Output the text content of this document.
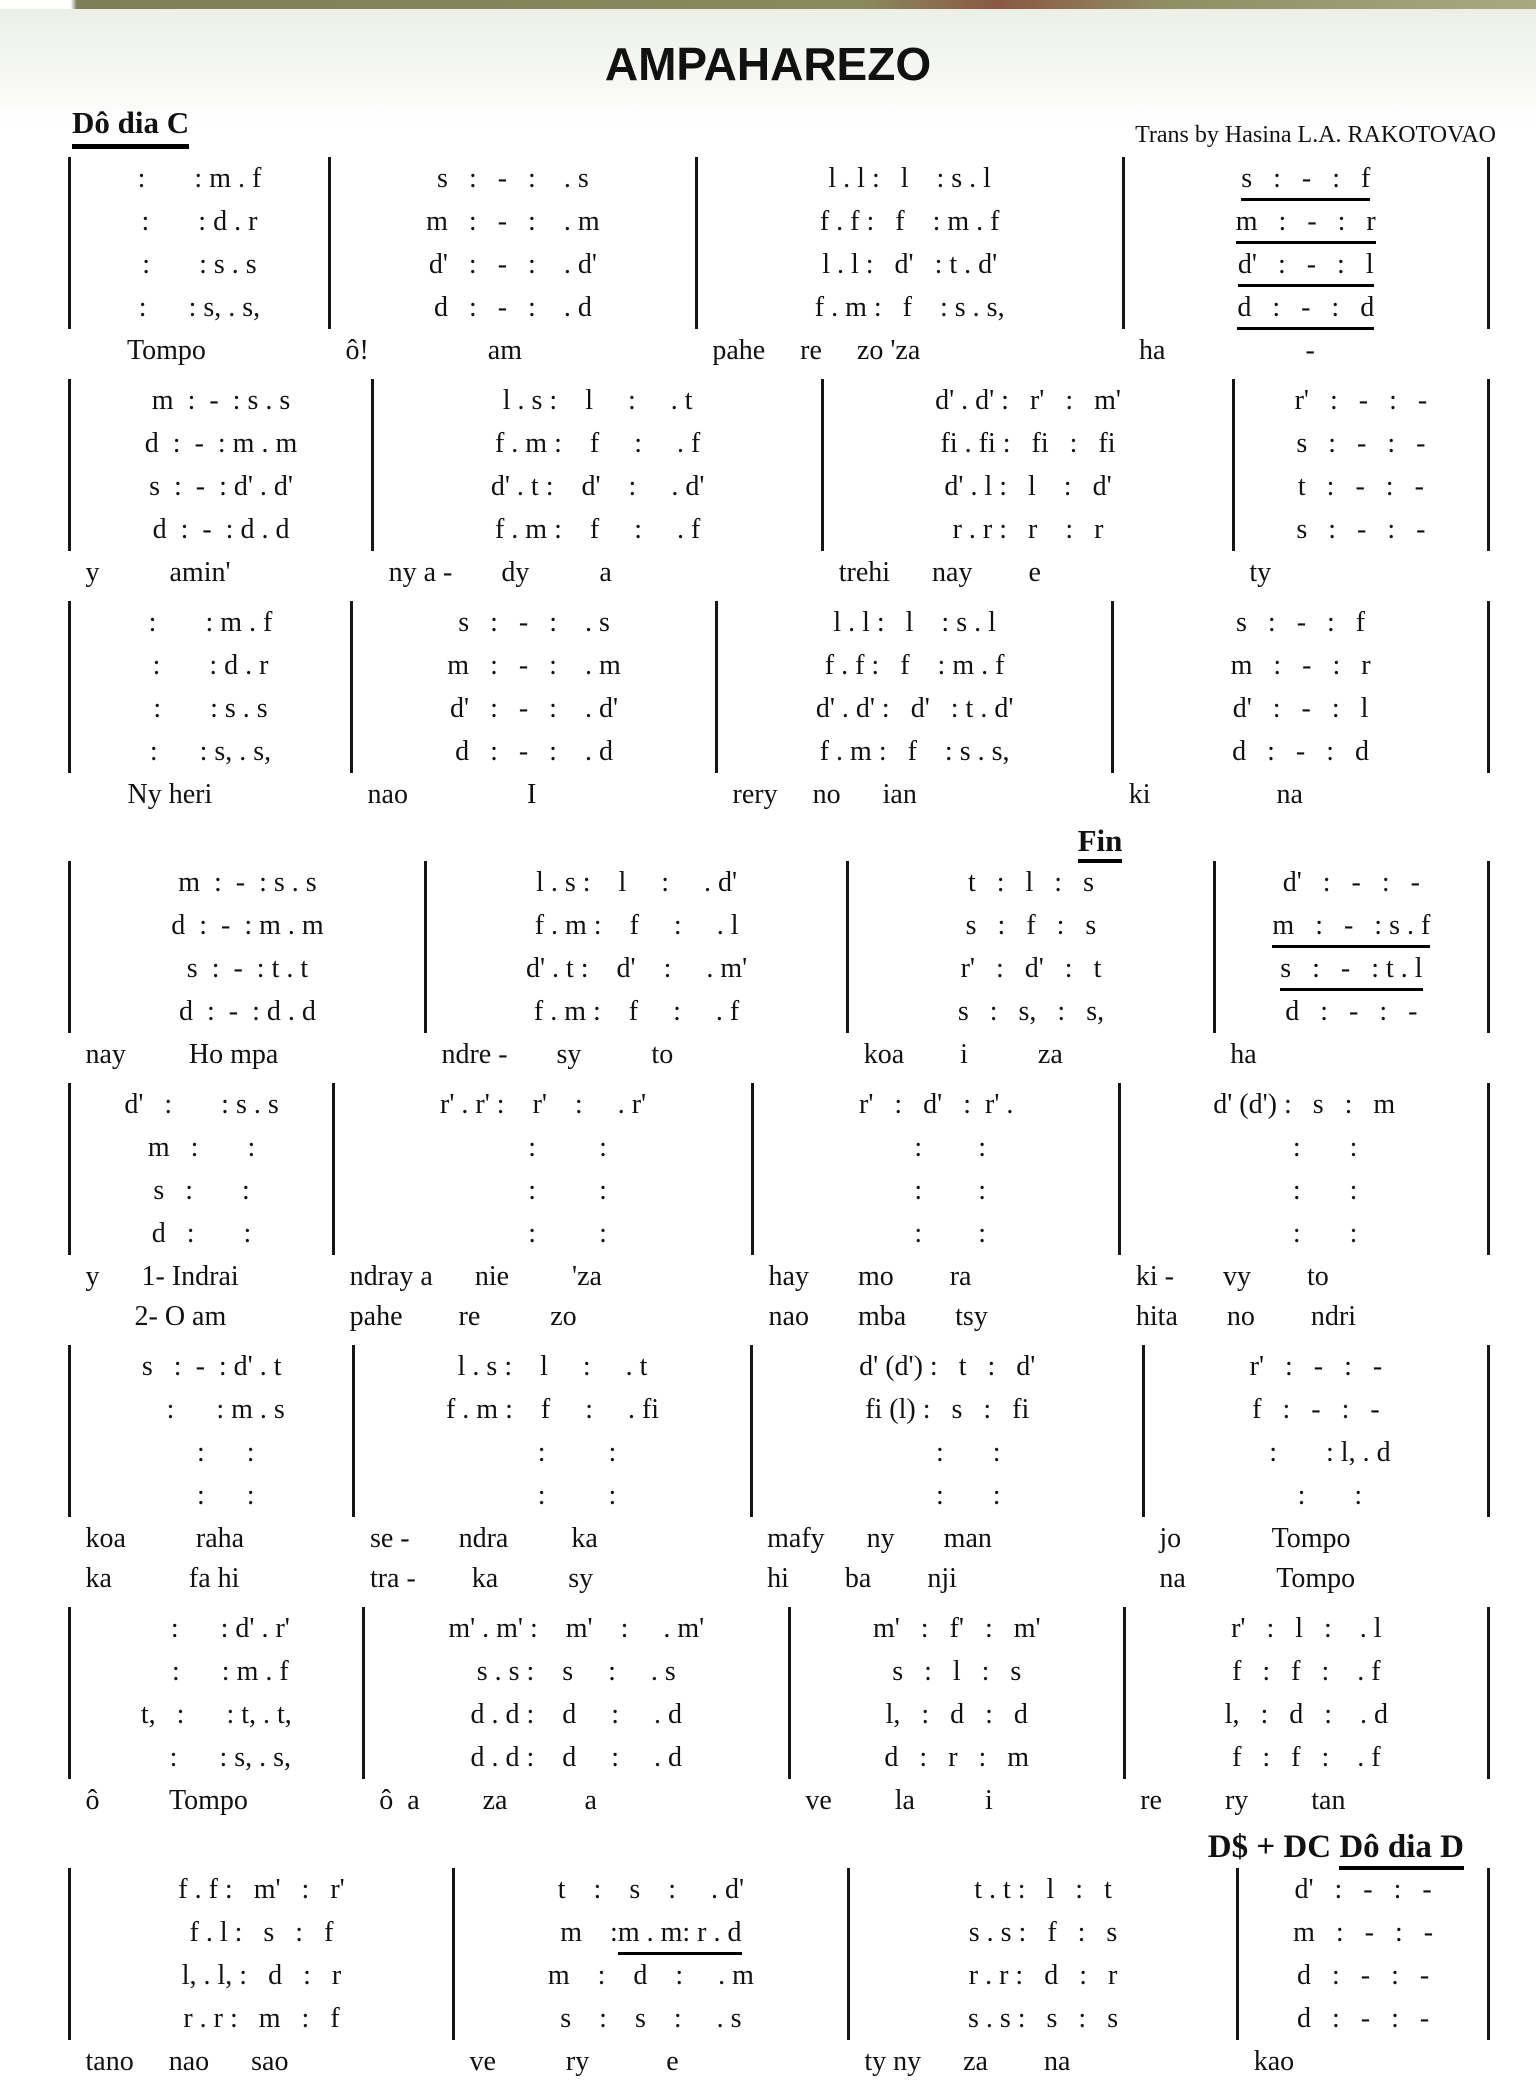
AMPAHAREZO
Dô dia C	Trans by Hasina L.A. RAKOTOVAO
:       : m . f	s   :   -   :    . s	l . l :   l    : s . l	s   :   -   :   f
:       : d . r	m   :   -   :    . m	f . f :   f    : m . f	m   :   -   :   r
:       : s . s	d'   :   -   :    . d'	l . l :   d'   : t . d'	d'   :   -   :   l
:      : s, . s,	d   :   -   :    . d	f . m :   f    : s . s,	d   :   -   :   d
Tompo	ô!                 am	pahe     re     zo 'za	ha                    -
m  :  -  : s . s	l . s :    l     :     . t	d' . d' :   r'   :   m'	r'   :   -   :   -
d  :  -  : m . m	f . m :    f     :     . f	fi . fi :   fi   :   fi	s   :   -   :   -
s  :  -  : d' . d'	d' . t :    d'    :     . d'	d' . l :   l    :   d'	t   :   -   :   -
d  :  -  : d . d	f . m :    f     :     . f	r . r :   r    :   r	s   :   -   :   -
y          amin'	ny a -       dy          a	trehi      nay        e	ty
:       : m . f	s   :   -   :    . s	l . l :   l    : s . l	s   :   -   :   f
:       : d . r	m   :   -   :    . m	f . f :   f    : m . f	m   :   -   :   r
:       : s . s	d'   :   -   :    . d'	d' . d' :   d'   : t . d'	d'   :   -   :   l
:      : s, . s,	d   :   -   :    . d	f . m :   f    : s . s,	d   :   -   :   d
Ny heri	nao                 I	rery     no      ian	ki                  na
Fin
m  :  -  : s . s	l . s :    l     :     . d'	t   :   l   :   s	d'   :   -   :   -
d  :  -  : m . m	f . m :    f     :     . l	s   :   f   :   s	m   :   -   : s . f
s  :  -  : t . t	d' . t :    d'    :     . m'	r'   :   d'   :   t	s   :   -   : t . l
d  :  -  : d . d	f . m :    f     :     . f	s   :   s,   :   s,	d   :   -   :   -
nay         Ho mpa	ndre -       sy          to	koa        i          za	ha
d'   :       : s . s	r' . r' :    r'    :     . r'	r'   :   d'   :  r' .	d' (d') :   s   :   m
m   :       :	:         :	:        :	:       :
s   :       :	:         :	:        :	:       :
d   :       :	:         :	:        :	:       :
y      1- Indrai	ndray a      nie         'za	hay       mo        ra	ki -       vy        to
2- O am	pahe        re          zo	nao       mba       tsy	hita       no        ndri
s   :  -  : d' . t	l . s :    l     :     . t	d' (d') :   t   :   d'	r'   :   -   :   -
:      : m . s	f . m :    f     :     . fi	fi (l) :   s   :   fi	f   :   -   :   -
:      :	:         :	:       :	:       : l, . d
:      :	:         :	:       :	:       :
koa          raha	se -       ndra         ka	mafy      ny       man	jo             Tompo
ka           fa hi	tra -        ka          sy	hi        ba        nji	na             Tompo
:      : d' . r'	m' . m' :    m'    :     . m'	m'   :   f'   :   m'	r'   :   l   :    . l
:      : m . f	s . s :    s     :     . s	s   :   l   :   s	f   :   f   :    . f
t,   :      : t, . t,	d . d :    d     :     . d	l,   :   d   :   d	l,   :   d   :    . d
:      : s, . s,	d . d :    d     :     . d	d   :   r   :   m	f   :   f   :    . f
ô          Tompo	ô  a         za           a	ve         la          i	re         ry         tan
D$ + DC Dô dia D
f . f :   m'   :   r'	t    :    s    :     . d'	t . t :   l   :   t	d'   :   -   :   -
f . l :   s   :   f	m    :m . m: r . d	s . s :   f   :   s	m   :   -   :   -
l, . l, :   d   :   r	m    :    d    :     . m	r . r :   d   :   r	d   :   -   :   -
r . r :   m   :   f	s    :    s    :     . s	s . s :   s   :   s	d   :   -   :   -
tano     nao      sao	ve          ry           e	ty ny      za        na	kao
